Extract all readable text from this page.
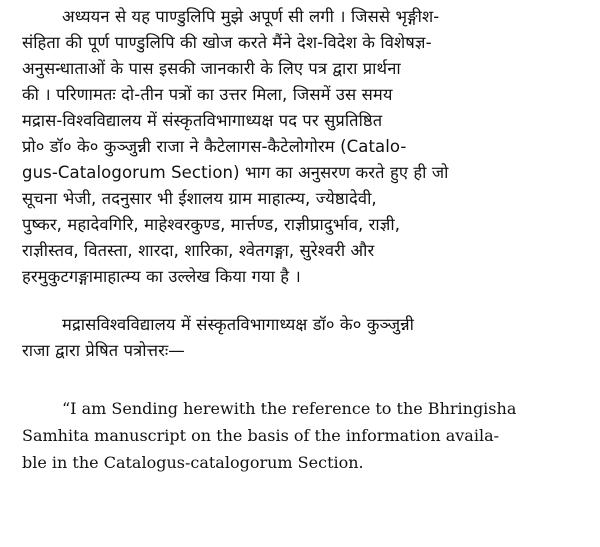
अध्ययन से यह पाण्डुलिपि मुझे अपूर्ण सी लगी । जिससे भृङ्गीश-
संहिता की पूर्ण पाण्डुलिपि की खोज करते मैंने देश-विदेश के विशेषज्ञ-
अनुसन्धाताओं के पास इसकी जानकारी के लिए पत्र द्वारा प्रार्थना
की । परिणामतः दो-तीन पत्रों का उत्तर मिला, जिसमें उस समय
मद्रास-विश्वविद्यालय में संस्कृतविभागाध्यक्ष पद पर सुप्रतिष्ठित
प्रो० डॉ० के० कुञ्जुन्नी राजा ने कैटेलागस-कैटेलोगोरम (Catalo-
gus-Catalogorum Section) भाग का अनुसरण करते हुए ही जो
सूचना भेजी, तदनुसार भी ईशालय ग्राम माहात्म्य, ज्येष्ठादेवी,
पुष्कर, महादेवगिरि, माहेश्वरकुण्ड, मार्त्तण्ड, राज्ञीप्रादुर्भाव, राज्ञी,
राज्ञीस्तव, वितस्ता, शारदा, शारिका, श्वेतगङ्गा, सुरेश्वरी और
हरमुकुटगङ्गामाहात्म्य का उल्लेख किया गया है ।
मद्रासविश्वविद्यालय में संस्कृतविभागाध्यक्ष डॉ० के० कुञ्जुन्नी
राजा द्वारा प्रेषित पत्रोत्तरः—
“I am Sending herewith the reference to the Bhringisha
Samhita manuscript on the basis of the information availa-
ble in the Catalogus-catalogorum Section.
